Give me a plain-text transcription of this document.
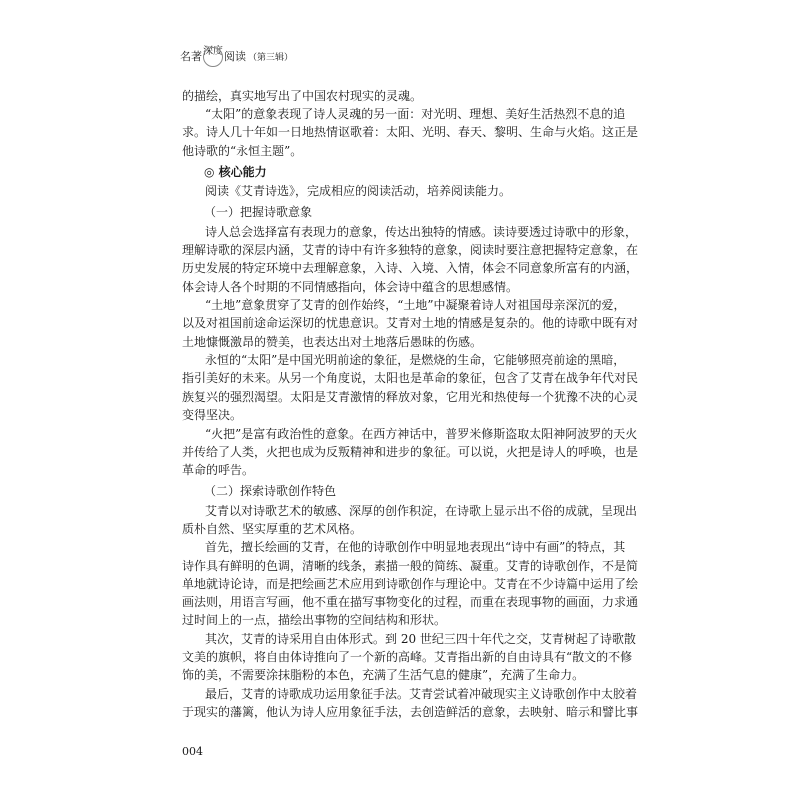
名著 深度 阅读 （第三辑）
的描绘，真实地写出了中国农村现实的灵魂。
“太阳”的意象表现了诗人灵魂的另一面：对光明、理想、美好生活热烈不息的追
求。诗人几十年如一日地热情讴歌着：太阳、光明、春天、黎明、生命与火焰。这正是
他诗歌的“永恒主题”。
◎ 核心能力
阅读《艾青诗选》，完成相应的阅读活动，培养阅读能力。
（一）把握诗歌意象
诗人总会选择富有表现力的意象，传达出独特的情感。读诗要透过诗歌中的形象，
理解诗歌的深层内涵，艾青的诗中有许多独特的意象，阅读时要注意把握特定意象，在
历史发展的特定环境中去理解意象，入诗、入境、入情，体会不同意象所富有的内涵，
体会诗人各个时期的不同情感指向，体会诗中蕴含的思想感情。
“土地”意象贯穿了艾青的创作始终，“土地”中凝聚着诗人对祖国母亲深沉的爱，
以及对祖国前途命运深切的忧患意识。艾青对土地的情感是复杂的。他的诗歌中既有对
土地慷慨激昂的赞美，也表达出对土地落后愚昧的伤感。
永恒的“太阳”是中国光明前途的象征，是燃烧的生命，它能够照亮前途的黑暗，
指引美好的未来。从另一个角度说，太阳也是革命的象征，包含了艾青在战争年代对民
族复兴的强烈渴望。太阳是艾青激情的释放对象，它用光和热使每一个犹豫不决的心灵
变得坚决。
“火把”是富有政治性的意象。在西方神话中，普罗米修斯盗取太阳神阿波罗的天火
并传给了人类，火把也成为反叛精神和进步的象征。可以说，火把是诗人的呼唤，也是
革命的呼告。
（二）探索诗歌创作特色
艾青以对诗歌艺术的敏感、深厚的创作积淀，在诗歌上显示出不俗的成就，呈现出
质朴自然、坚实厚重的艺术风格。
首先，擅长绘画的艾青，在他的诗歌创作中明显地表现出“诗中有画”的特点，其
诗作具有鲜明的色调，清晰的线条，素描一般的简练、凝重。艾青的诗歌创作，不是简
单地就诗论诗，而是把绘画艺术应用到诗歌创作与理论中。艾青在不少诗篇中运用了绘
画法则，用语言写画，他不重在描写事物变化的过程，而重在表现事物的画面，力求通
过时间上的一点，描绘出事物的空间结构和形状。
其次，艾青的诗采用自由体形式。到 20 世纪三四十年代之交，艾青树起了诗歌散
文美的旗帜，将自由体诗推向了一个新的高峰。艾青指出新的自由诗具有“散文的不修
饰的美，不需要涂抹脂粉的本色，充满了生活气息的健康”，充满了生命力。
最后，艾青的诗歌成功运用象征手法。艾青尝试着冲破现实主义诗歌创作中太胶着
于现实的藩篱，他认为诗人应用象征手法，去创造鲜活的意象，去映射、暗示和譬比事
004
